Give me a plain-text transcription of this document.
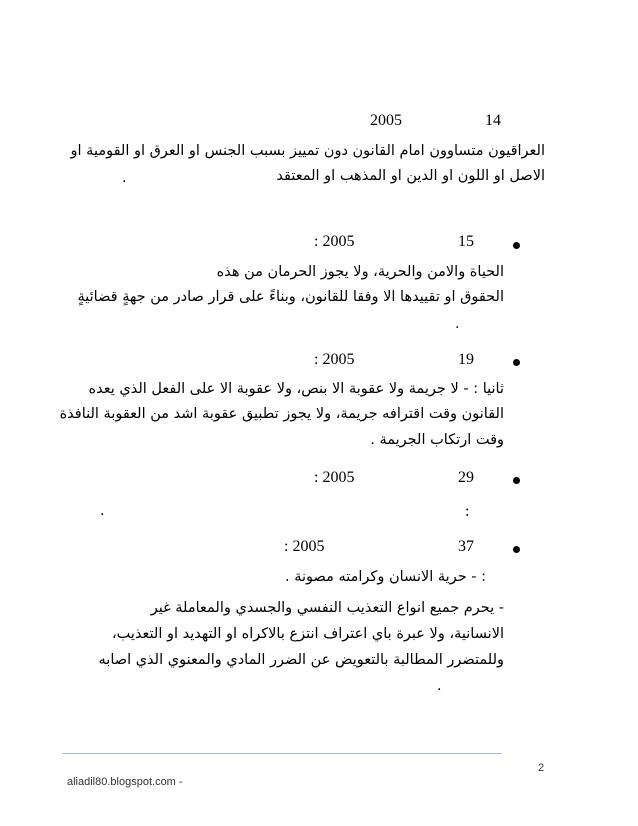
2005	14
العراقيون متساوون امام القانون دون تمييز بسبب الجنس او العرق او القومية او
الاصل او اللون او الدين او المذهب او المعتقد
.
: 2005	15
الحياة والامن والحرية، ولا يجوز الحرمان من هذه
الحقوق او تقييدها الا وفقا للقانون، وبناءً على قرار صادر من جهةٍ قضائيةٍ
.
: 2005	19
ثانيا : - لا جريمة ولا عقوبة الا بنص، ولا عقوبة الا على الفعل الذي يعده
القانون وقت اقترافه جريمة، ولا يجوز تطبيق عقوبة اشد من العقوبة النافذة
وقت ارتكاب الجريمة .
: 2005	29
:
.
: 2005	37
: - حرية الانسان وكرامته مصونة .
- يحرم جميع انواع التعذيب النفسي والجسدي والمعاملة غير
الانسانية، ولا عبرة باي اعتراف انتزع بالاكراه او التهديد او التعذيب،
وللمتضرر المطالبة بالتعويض عن الضرر المادي والمعنوي الذي اصابه
.
2
aliadil80.blogspot.com -
